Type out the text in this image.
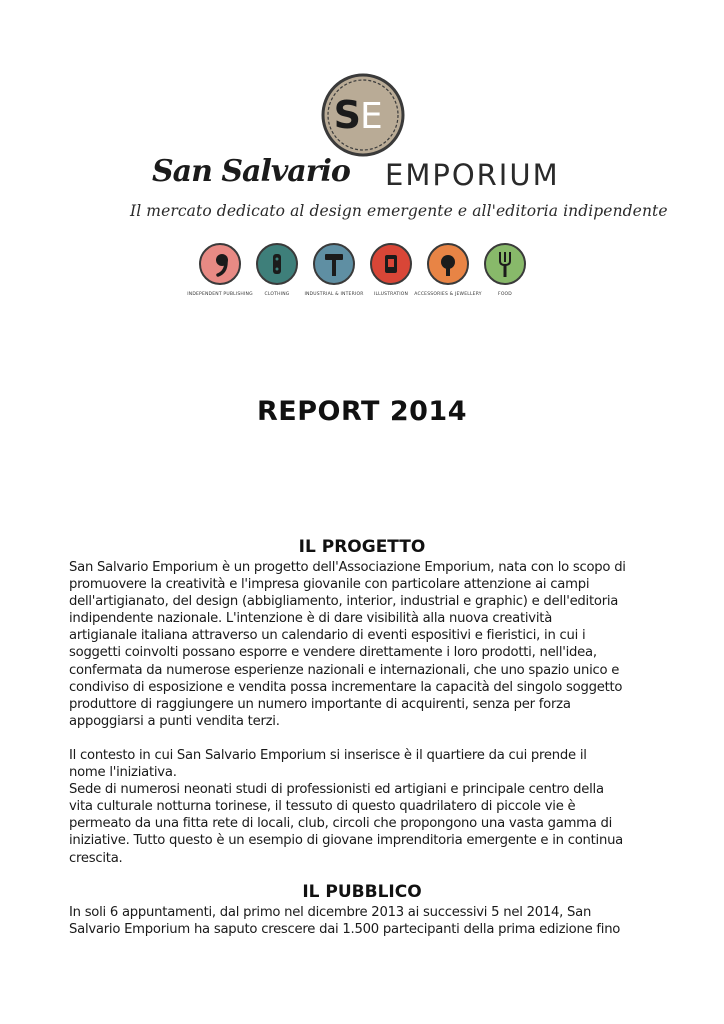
S E
San Salvario EMPORIUM
Il mercato dedicato al design emergente e all'editoria indipendente
INDEPENDENT PUBLISHING	CLOTHING	INDUSTRIAL & INTERIOR	ILLUSTRATION	ACCESSORIES & JEWELLERY	FOOD
REPORT 2014
IL PROGETTO

San Salvario Emporium è un progetto dell'Associazione Emporium, nata con lo scopo di
promuovere la creatività e l'impresa giovanile con particolare attenzione ai campi
dell'artigianato, del design (abbigliamento, interior, industrial e graphic) e dell'editoria
indipendente nazionale. L'intenzione è di dare visibilità alla nuova creatività
artigianale italiana attraverso un calendario di eventi espositivi e fieristici, in cui i
soggetti coinvolti possano esporre e vendere direttamente i loro prodotti, nell'idea,
confermata da numerose esperienze nazionali e internazionali, che uno spazio unico e
condiviso di esposizione e vendita possa incrementare la capacità del singolo soggetto
produttore di raggiungere un numero importante di acquirenti, senza per forza
appoggiarsi a punti vendita terzi.

Il contesto in cui San Salvario Emporium si inserisce è il quartiere da cui prende il
nome l'iniziativa.
Sede di numerosi neonati studi di professionisti ed artigiani e principale centro della
vita culturale notturna torinese, il tessuto di questo quadrilatero di piccole vie è
permeato da una fitta rete di locali, club, circoli che propongono una vasta gamma di
iniziative. Tutto questo è un esempio di giovane imprenditoria emergente e in continua
crescita.

IL PUBBLICO

In soli 6 appuntamenti, dal primo nel dicembre 2013 ai successivi 5 nel 2014, San
Salvario Emporium ha saputo crescere dai 1.500 partecipanti della prima edizione fino
